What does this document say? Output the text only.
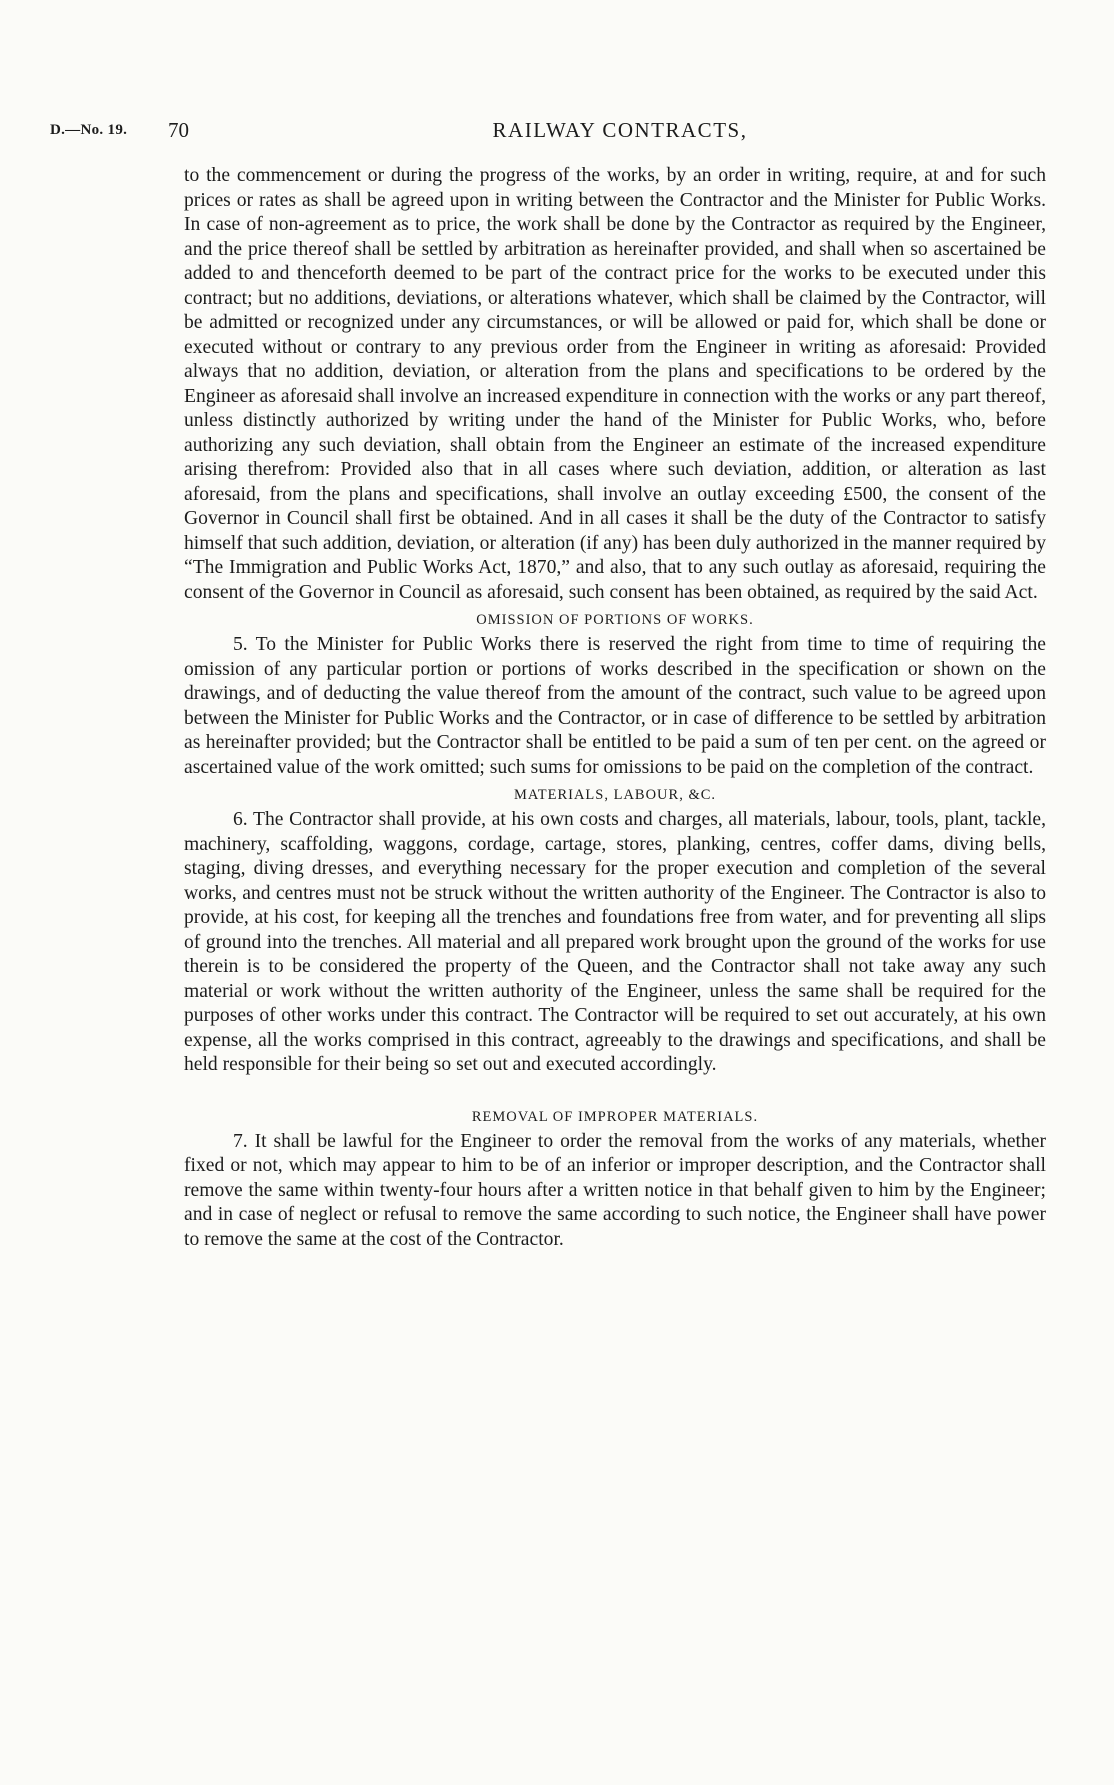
D.—No. 19. 70	RAILWAY CONTRACTS,

to the commencement or during the progress of the works, by an order in writing, require, at and for such prices or rates as shall be agreed upon in writing between the Contractor and the Minister for Public Works. In case of non-agreement as to price, the work shall be done by the Contractor as required by the Engineer, and the price thereof shall be settled by arbitration as hereinafter provided, and shall when so ascertained be added to and thenceforth deemed to be part of the contract price for the works to be executed under this contract; but no additions, deviations, or alterations whatever, which shall be claimed by the Contractor, will be admitted or recognized under any circumstances, or will be allowed or paid for, which shall be done or executed without or contrary to any previous order from the Engineer in writing as aforesaid: Provided always that no addition, deviation, or alteration from the plans and specifications to be ordered by the Engineer as aforesaid shall involve an increased expenditure in connection with the works or any part thereof, unless distinctly authorized by writing under the hand of the Minister for Public Works, who, before authorizing any such deviation, shall obtain from the Engineer an estimate of the increased expenditure arising therefrom: Provided also that in all cases where such deviation, addition, or alteration as last aforesaid, from the plans and specifications, shall involve an outlay exceeding £500, the consent of the Governor in Council shall first be obtained. And in all cases it shall be the duty of the Contractor to satisfy himself that such addition, deviation, or alteration (if any) has been duly authorized in the manner required by “The Immigration and Public Works Act, 1870,” and also, that to any such outlay as aforesaid, requiring the consent of the Governor in Council as aforesaid, such consent has been obtained, as required by the said Act.

OMISSION OF PORTIONS OF WORKS.

5. To the Minister for Public Works there is reserved the right from time to time of requiring the omission of any particular portion or portions of works described in the specification or shown on the drawings, and of deducting the value thereof from the amount of the contract, such value to be agreed upon between the Minister for Public Works and the Contractor, or in case of difference to be settled by arbitration as hereinafter provided; but the Contractor shall be entitled to be paid a sum of ten per cent. on the agreed or ascertained value of the work omitted; such sums for omissions to be paid on the completion of the contract.

MATERIALS, LABOUR, &C.

6. The Contractor shall provide, at his own costs and charges, all materials, labour, tools, plant, tackle, machinery, scaffolding, waggons, cordage, cartage, stores, planking, centres, coffer dams, diving bells, staging, diving dresses, and everything necessary for the proper execution and completion of the several works, and centres must not be struck without the written authority of the Engineer. The Contractor is also to provide, at his cost, for keeping all the trenches and foundations free from water, and for preventing all slips of ground into the trenches. All material and all prepared work brought upon the ground of the works for use therein is to be considered the property of the Queen, and the Contractor shall not take away any such material or work without the written authority of the Engineer, unless the same shall be required for the purposes of other works under this contract. The Contractor will be required to set out accurately, at his own expense, all the works comprised in this contract, agreeably to the drawings and specifications, and shall be held responsible for their being so set out and executed accordingly.

REMOVAL OF IMPROPER MATERIALS.

7. It shall be lawful for the Engineer to order the removal from the works of any materials, whether fixed or not, which may appear to him to be of an inferior or improper description, and the Contractor shall remove the same within twenty-four hours after a written notice in that behalf given to him by the Engineer; and in case of neglect or refusal to remove the same according to such notice, the Engineer shall have power to remove the same at the cost of the Contractor.
